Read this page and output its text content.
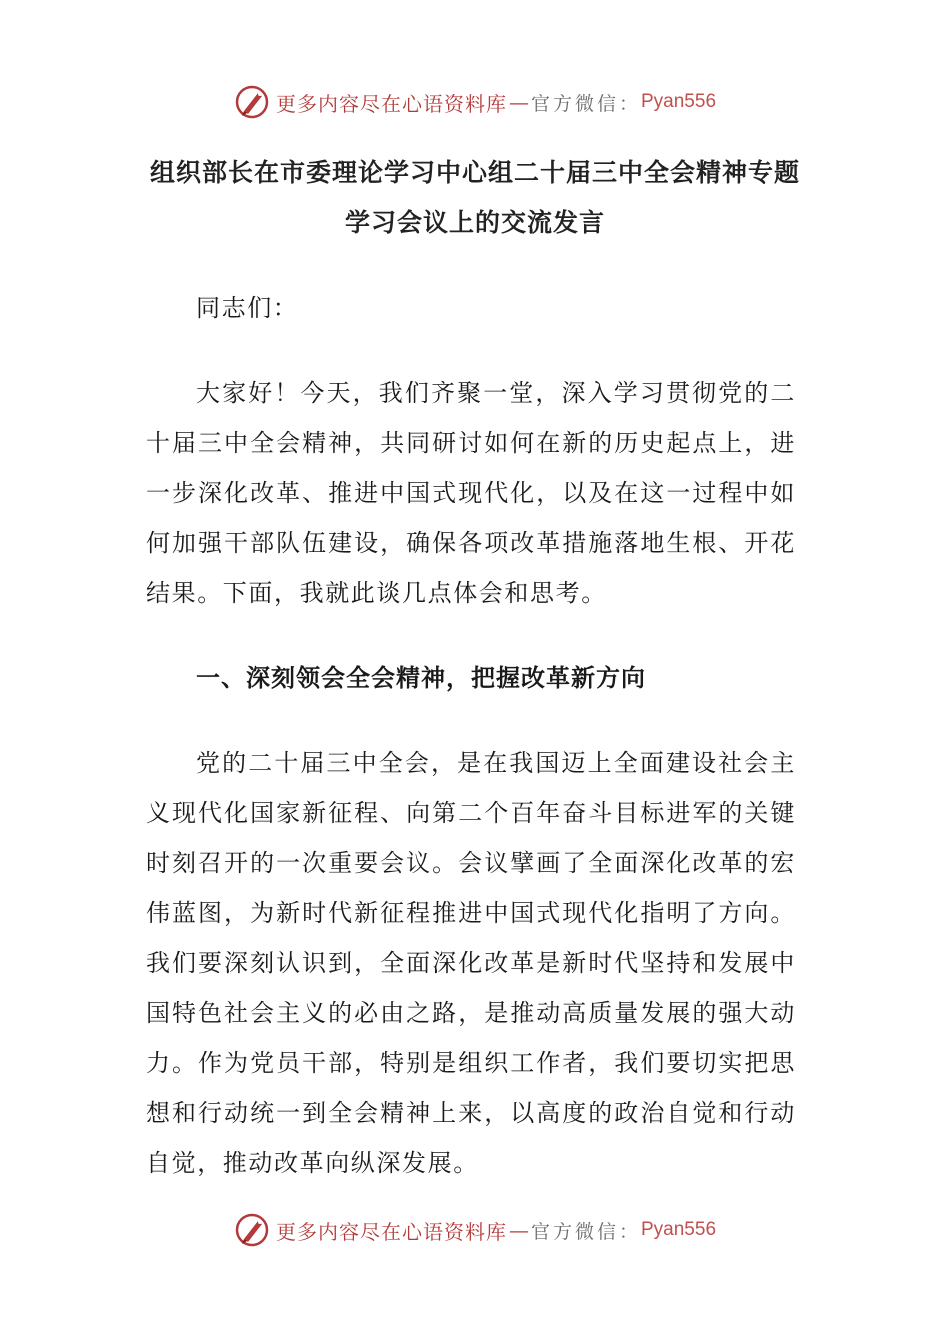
更多内容尽在心语资料库 — 官方微信： Pyan556
组织部长在市委理论学习中心组二十届三中全会精神专题
学习会议上的交流发言

同志们：

大家好！今天，我们齐聚一堂，深入学习贯彻党的二十届三中全会精神，共同研讨如何在新的历史起点上，进一步深化改革、推进中国式现代化，以及在这一过程中如何加强干部队伍建设，确保各项改革措施落地生根、开花结果。下面，我就此谈几点体会和思考。

一、深刻领会全会精神，把握改革新方向

党的二十届三中全会，是在我国迈上全面建设社会主义现代化国家新征程、向第二个百年奋斗目标进军的关键时刻召开的一次重要会议。会议擘画了全面深化改革的宏伟蓝图，为新时代新征程推进中国式现代化指明了方向。我们要深刻认识到，全面深化改革是新时代坚持和发展中国特色社会主义的必由之路，是推动高质量发展的强大动力。作为党员干部，特别是组织工作者，我们要切实把思想和行动统一到全会精神上来，以高度的政治自觉和行动自觉，推动改革向纵深发展。

更多内容尽在心语资料库 — 官方微信： Pyan556
